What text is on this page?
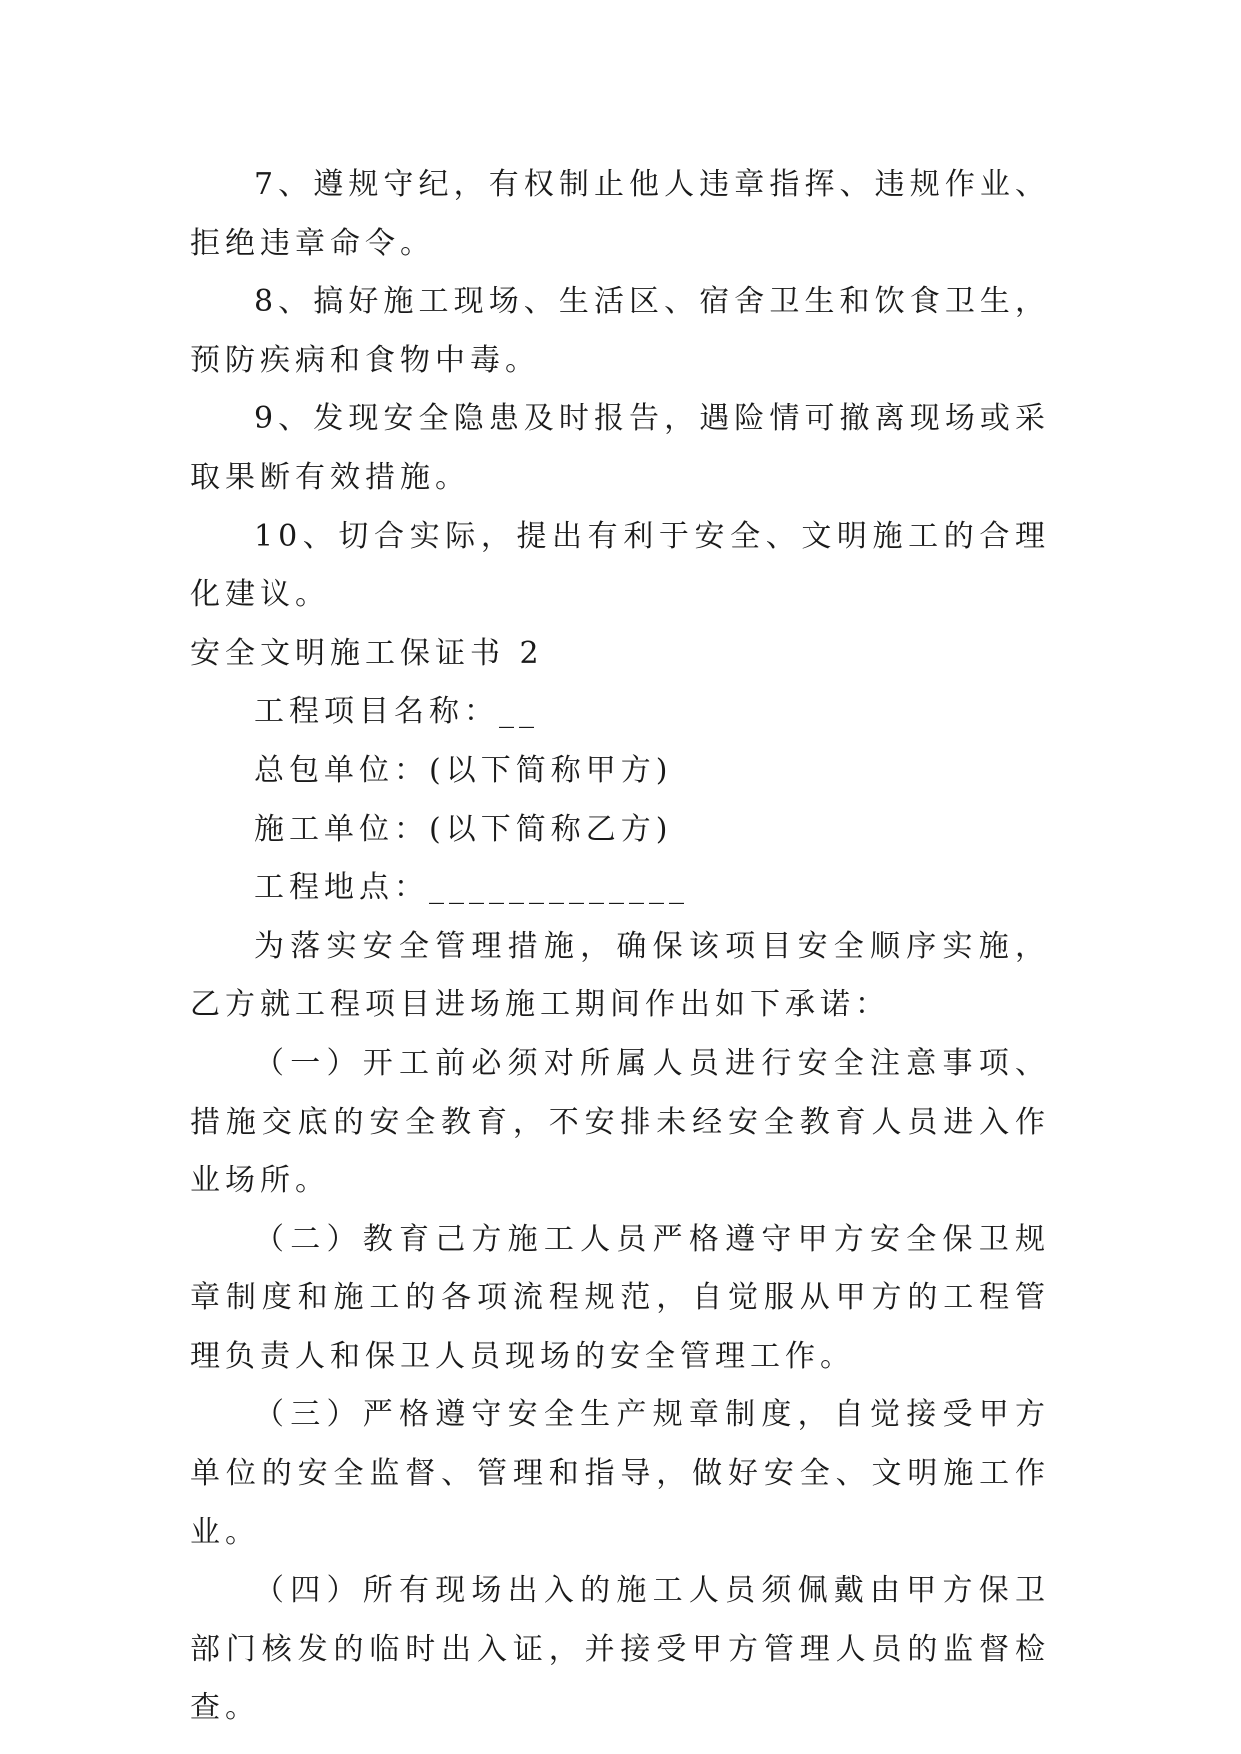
7、遵规守纪，有权制止他人违章指挥、违规作业、拒绝违章命令。

8、搞好施工现场、生活区、宿舍卫生和饮食卫生，预防疾病和食物中毒。

9、发现安全隐患及时报告，遇险情可撤离现场或采取果断有效措施。

10、切合实际，提出有利于安全、文明施工的合理化建议。

安全文明施工保证书 2

工程项目名称：__

总包单位：(以下简称甲方)

施工单位：(以下简称乙方)

工程地点：_____________

为落实安全管理措施，确保该项目安全顺序实施，乙方就工程项目进场施工期间作出如下承诺：

（一）开工前必须对所属人员进行安全注意事项、措施交底的安全教育，不安排未经安全教育人员进入作业场所。

（二）教育己方施工人员严格遵守甲方安全保卫规章制度和施工的各项流程规范，自觉服从甲方的工程管理负责人和保卫人员现场的安全管理工作。

（三）严格遵守安全生产规章制度，自觉接受甲方单位的安全监督、管理和指导，做好安全、文明施工作业。

（四）所有现场出入的施工人员须佩戴由甲方保卫部门核发的临时出入证，并接受甲方管理人员的监督检查。
